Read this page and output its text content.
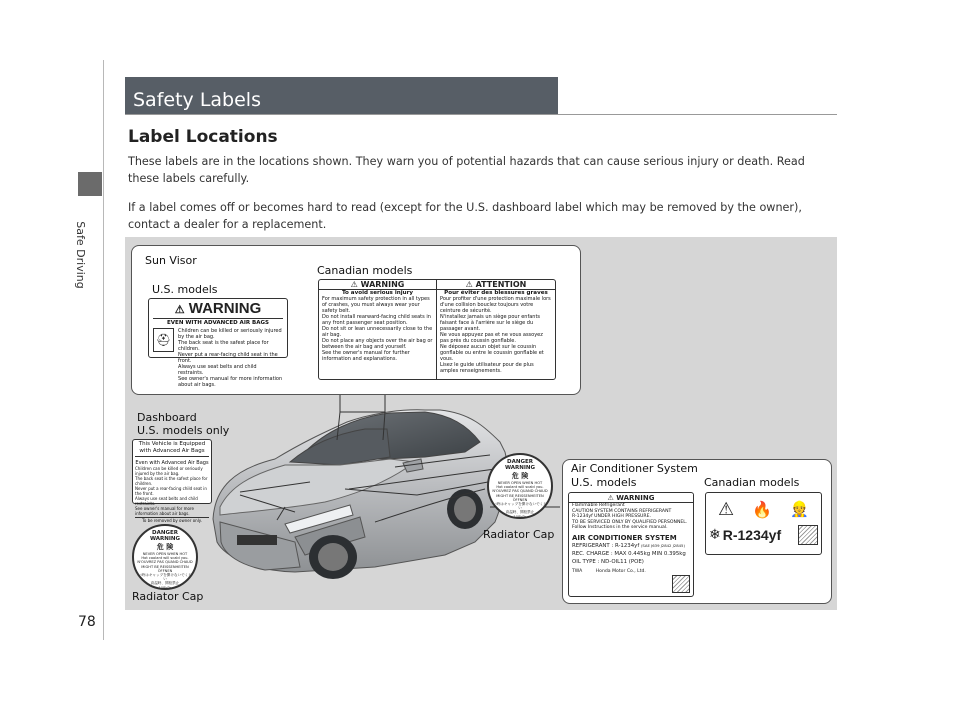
Safe Driving
78
Safety Labels
Label Locations
These labels are in the locations shown. They warn you of potential hazards that can cause serious injury or death. Read these labels carefully.
If a label comes off or becomes hard to read (except for the U.S. dashboard label which may be removed by the owner), contact a dealer for a replacement.
Sun Visor
Canadian models
U.S. models
⚠ WARNING
EVEN WITH ADVANCED AIR BAGS
⛑
Children can be killed or seriously injured by the air bag.
The back seat is the safest place for children.
Never put a rear-facing child seat in the front.
Always use seat belts and child restraints.
See owner's manual for more information about air bags.
⚠ WARNING
To avoid serious injury
For maximum safety protection in all types of crashes, you must always wear your safety belt.
Do not install rearward-facing child seats in any front passenger seat position.
Do not sit or lean unnecessarily close to the air bag.
Do not place any objects over the air bag or between the air bag and yourself.
See the owner's manual for further information and explanations.
⚠ ATTENTION
Pour éviter des blessures graves
Pour profiter d'une protection maximale lors d'une collision bouclez toujours votre ceinture de sécurité.
N'installez jamais un siège pour enfants faisant face à l'arrière sur le siège du passager avant.
Ne vous appuyez pas et ne vous assoyez pas près du coussin gonflable.
Ne déposez aucun objet sur le coussin gonflable ou entre le coussin gonflable et vous.
Lisez le guide utilisateur pour de plus amples renseignements.
Dashboard
U.S. models only
This Vehicle is Equipped with Advanced Air Bags
Even with Advanced Air Bags
Children can be killed or seriously injured by the air bag.
The back seat is the safest place for children.
Never put a rear-facing child seat in the front.
Always use seat belts and child restraints.
See owner's manual for more information about air bags.
To be removed by owner only.
DANGER
WARNING
危 険
NEVER OPEN WHEN HOT
Hot coolant will scald you.
N'OUVREZ PAS QUAND CHAUD
MIGHT BE REISSENHEITEN ÖFFNEN
熱い時はキャップを開けないでください
高温時、開栓禁止
108kPa
Radiator Cap
DANGER
WARNING
危 険
NEVER OPEN WHEN HOT
Hot coolant will scald you.
N'OUVREZ PAS QUAND CHAUD
MIGHT BE REISSENHEITEN ÖFFNEN
熱い時はキャップを開けないでください
高温時、開栓禁止
108kPa
Radiator Cap
Air Conditioner System
U.S. models	Canadian models
⚠ WARNING
Flammable Refrigerant
CAUTION SYSTEM CONTAINS REFRIGERANT
R-1234yf UNDER HIGH PRESSURE.
TO BE SERVICED ONLY BY QUALIFIED PERSONNEL.
Follow Instructions in the service manual.
AIR CONDITIONER SYSTEM
REFRIGERANT : R-1234yf (SAE J639 J2842 J2845)
REC. CHARGE : MAX 0.445kg MIN 0.395kg
OIL TYPE : ND-OIL11 (POE)
TWA	Honda Motor Co., Ltd.
⚠ 🔥 👷
❄ R-1234yf
